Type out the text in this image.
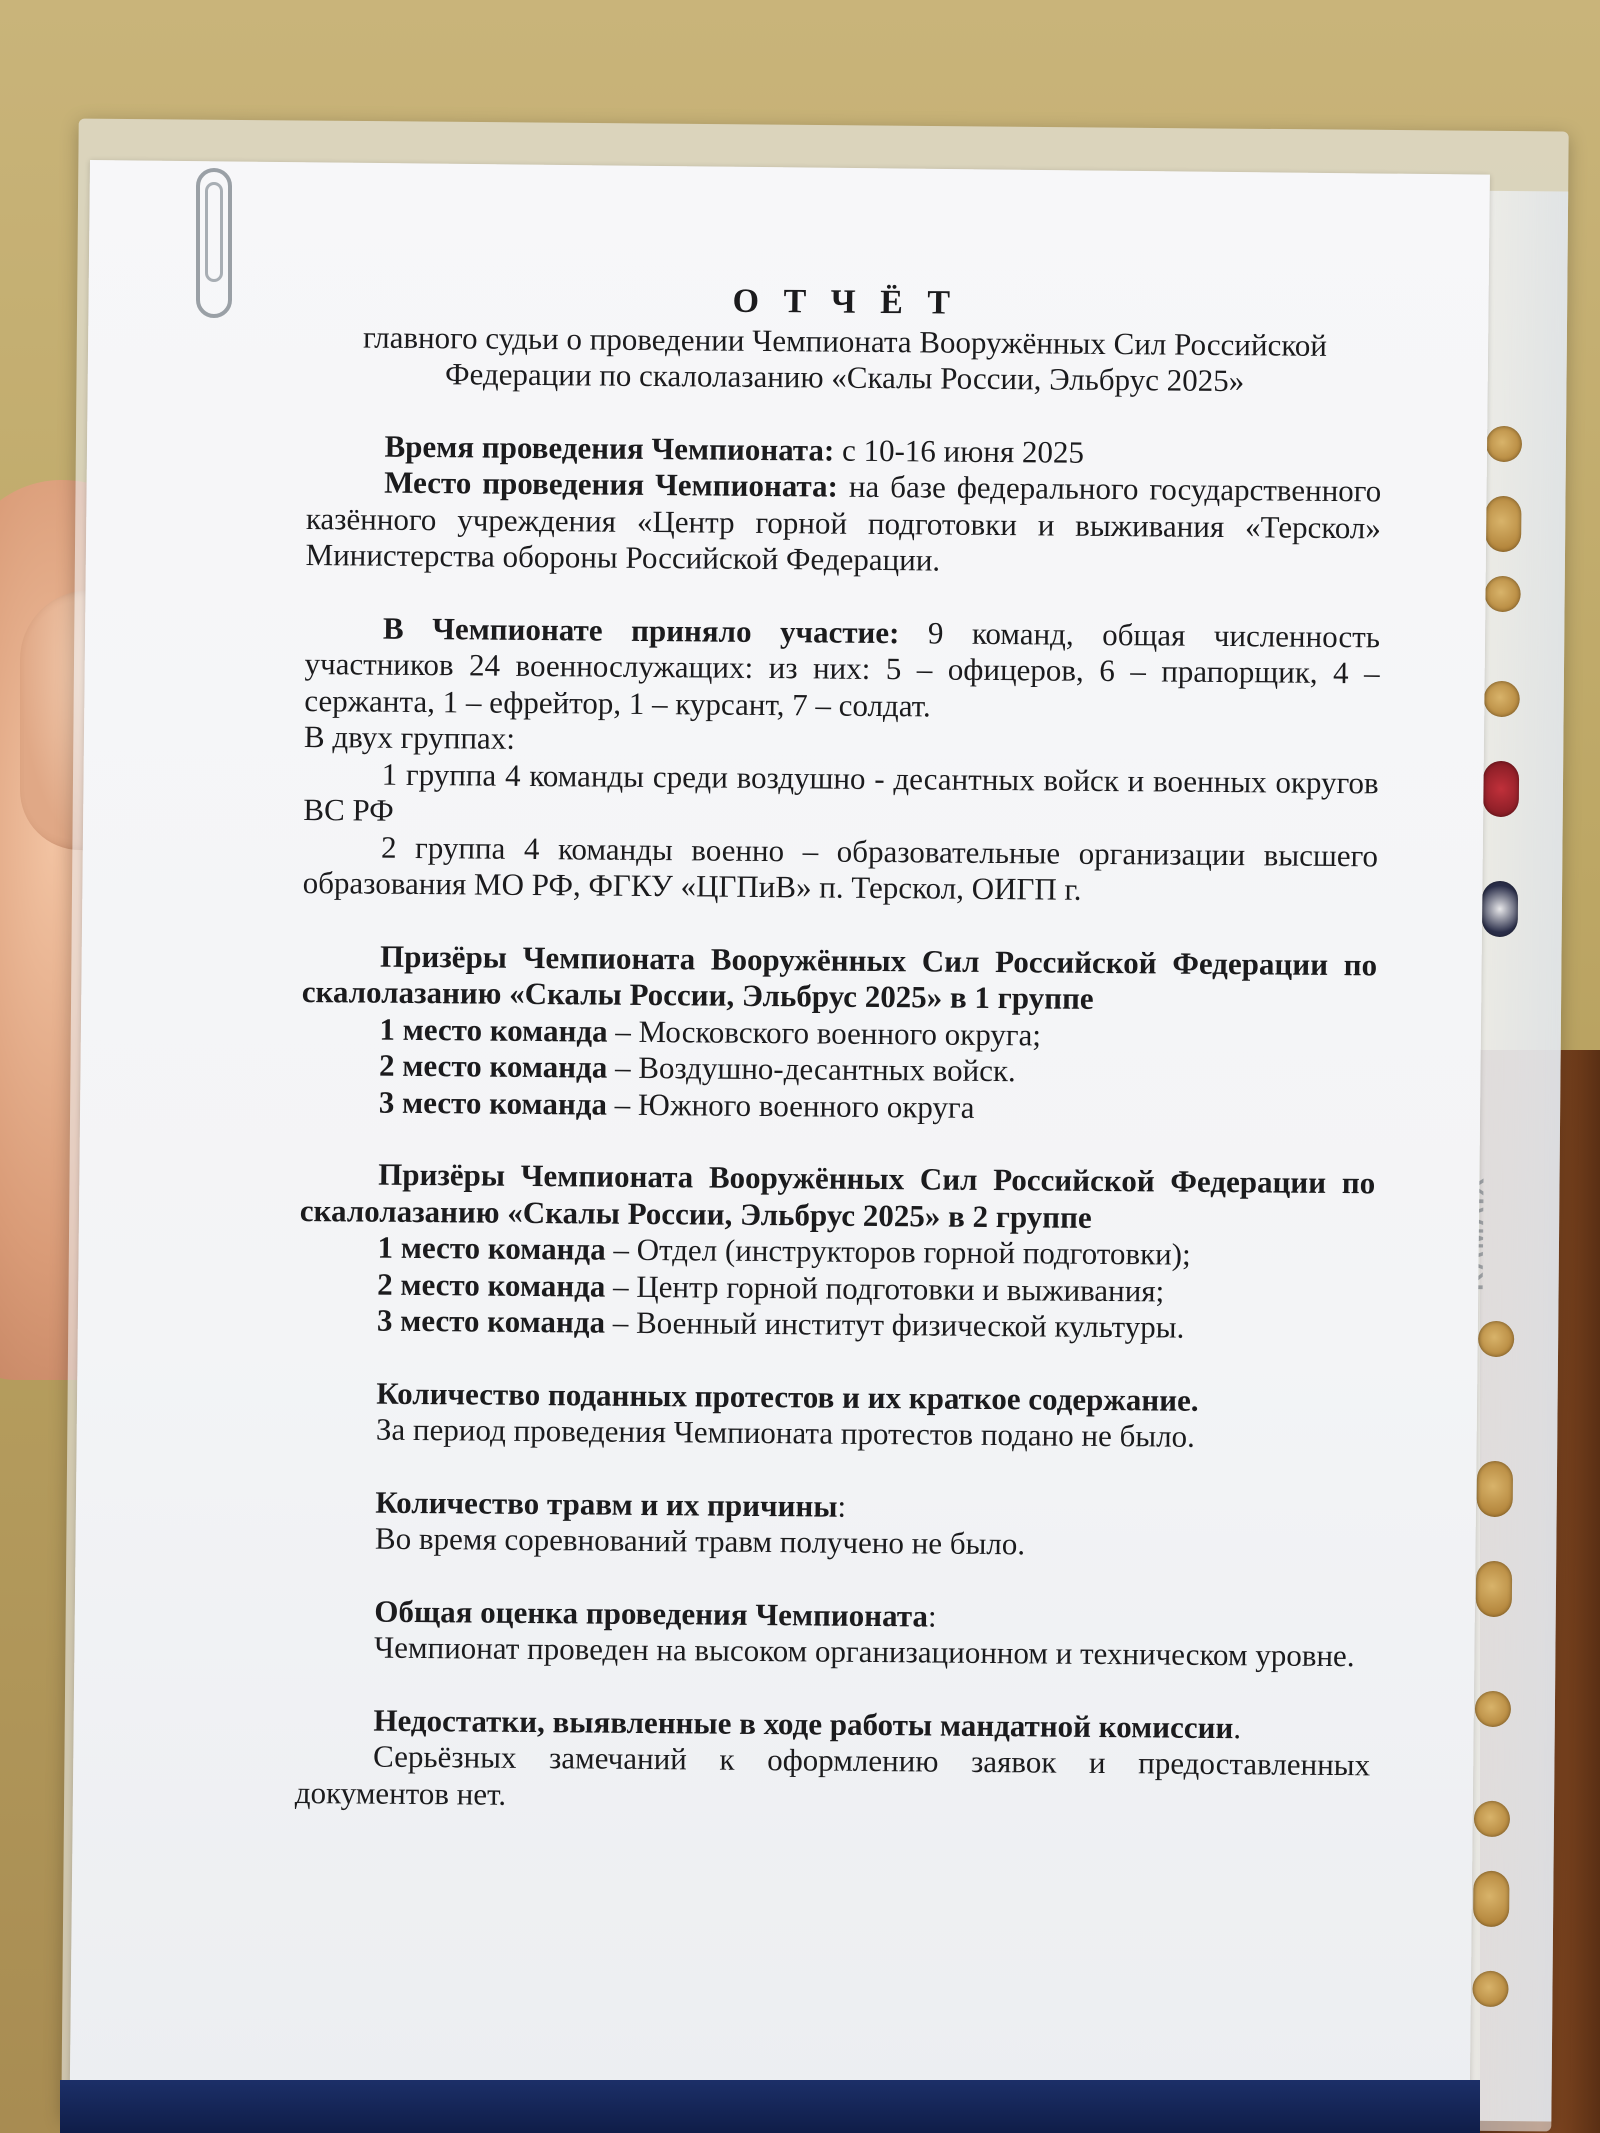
О Т Ч Ё Т

главного судьи о проведении Чемпионата Вооружённых Сил Российской

Федерации по скалолазанию «Скалы России, Эльбрус 2025»

Время проведения Чемпионата: с 10-16 июня 2025

Место проведения Чемпионата: на базе федерального государственного казённого учреждения «Центр горной подготовки и выживания «Терскол» Министерства обороны Российской Федерации.

В Чемпионате приняло участие: 9 команд, общая численность участников 24 военнослужащих: из них: 5 – офицеров, 6 – прапорщик, 4 – сержанта, 1 – ефрейтор, 1 – курсант, 7 – солдат.

В двух группах:

1 группа 4 команды среди воздушно - десантных войск и военных округов ВС РФ

2 группа 4 команды военно – образовательные организации высшего образования МО РФ, ФГКУ «ЦГПиВ» п. Терскол, ОИГП г.

Призёры Чемпионата Вооружённых Сил Российской Федерации по скалолазанию «Скалы России, Эльбрус 2025» в 1 группе

1 место команда – Московского военного округа;

2 место команда – Воздушно-десантных войск.

3 место команда – Южного военного округа

Призёры Чемпионата Вооружённых Сил Российской Федерации по скалолазанию «Скалы России, Эльбрус 2025» в 2 группе

1 место команда – Отдел (инструкторов горной подготовки);

2 место команда – Центр горной подготовки и выживания;

3 место команда – Военный институт физической культуры.

Количество поданных протестов и их краткое содержание.

За период проведения Чемпионата протестов подано не было.

Количество травм и их причины:

Во время соревнований травм получено не было.

Общая оценка проведения Чемпионата:

Чемпионат проведен на высоком организационном и техническом уровне.

Недостатки, выявленные в ходе работы мандатной комиссии.

Серьёзных замечаний к оформлению заявок и предоставленных документов нет.
